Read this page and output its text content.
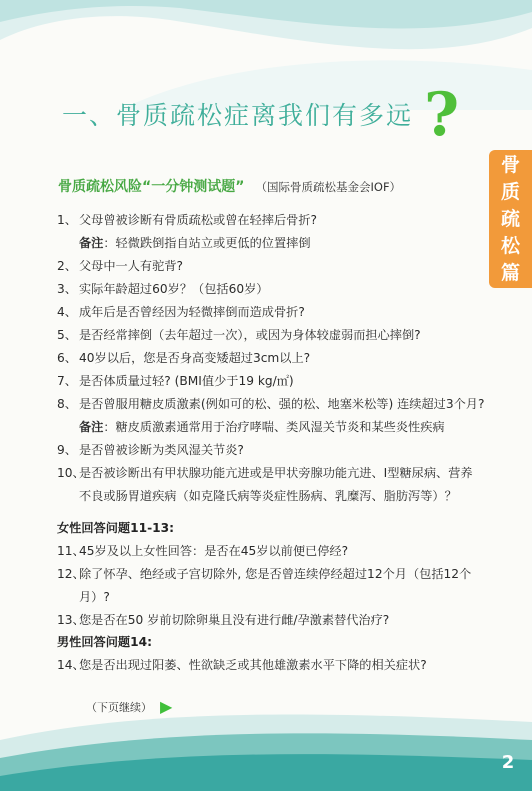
一、骨质疏松症离我们有多远 ?
骨
质
疏
松
篇
骨质疏松风险“一分钟测试题” （国际骨质疏松基金会IOF）
1、 父母曾被诊断有骨质疏松或曾在轻摔后骨折?
备注：轻微跌倒指自站立或更低的位置摔倒
2、 父母中一人有驼背?
3、 实际年龄超过60岁？（包括60岁）
4、 成年后是否曾经因为轻微摔倒而造成骨折?
5、 是否经常摔倒（去年超过一次），或因为身体较虚弱而担心摔倒?
6、 40岁以后，您是否身高变矮超过3cm以上?
7、 是否体质量过轻? (BMI值少于19 kg/㎡)
8、 是否曾服用糖皮质激素(例如可的松、强的松、地塞米松等) 连续超过3个月?
备注：糖皮质激素通常用于治疗哮喘、类风湿关节炎和某些炎性疾病
9、 是否曾被诊断为类风湿关节炎?
10、
是否被诊断出有甲状腺功能亢进或是甲状旁腺功能亢进、I型糖尿病、营养
不良或肠胃道疾病（如克隆氏病等炎症性肠病、乳糜泻、脂肪泻等）？
女性回答问题11-13:
11、
45岁及以上女性回答：是否在45岁以前便已停经?
12、
除了怀孕、绝经或子宫切除外, 您是否曾连续停经超过12个月（包括12个
月）?
13、
您是否在50 岁前切除卵巢且没有进行雌/孕激素替代治疗?
男性回答问题14:
14、
您是否出现过阳萎、性欲缺乏或其他雄激素水平下降的相关症状?
（下页继续） ▶
2
